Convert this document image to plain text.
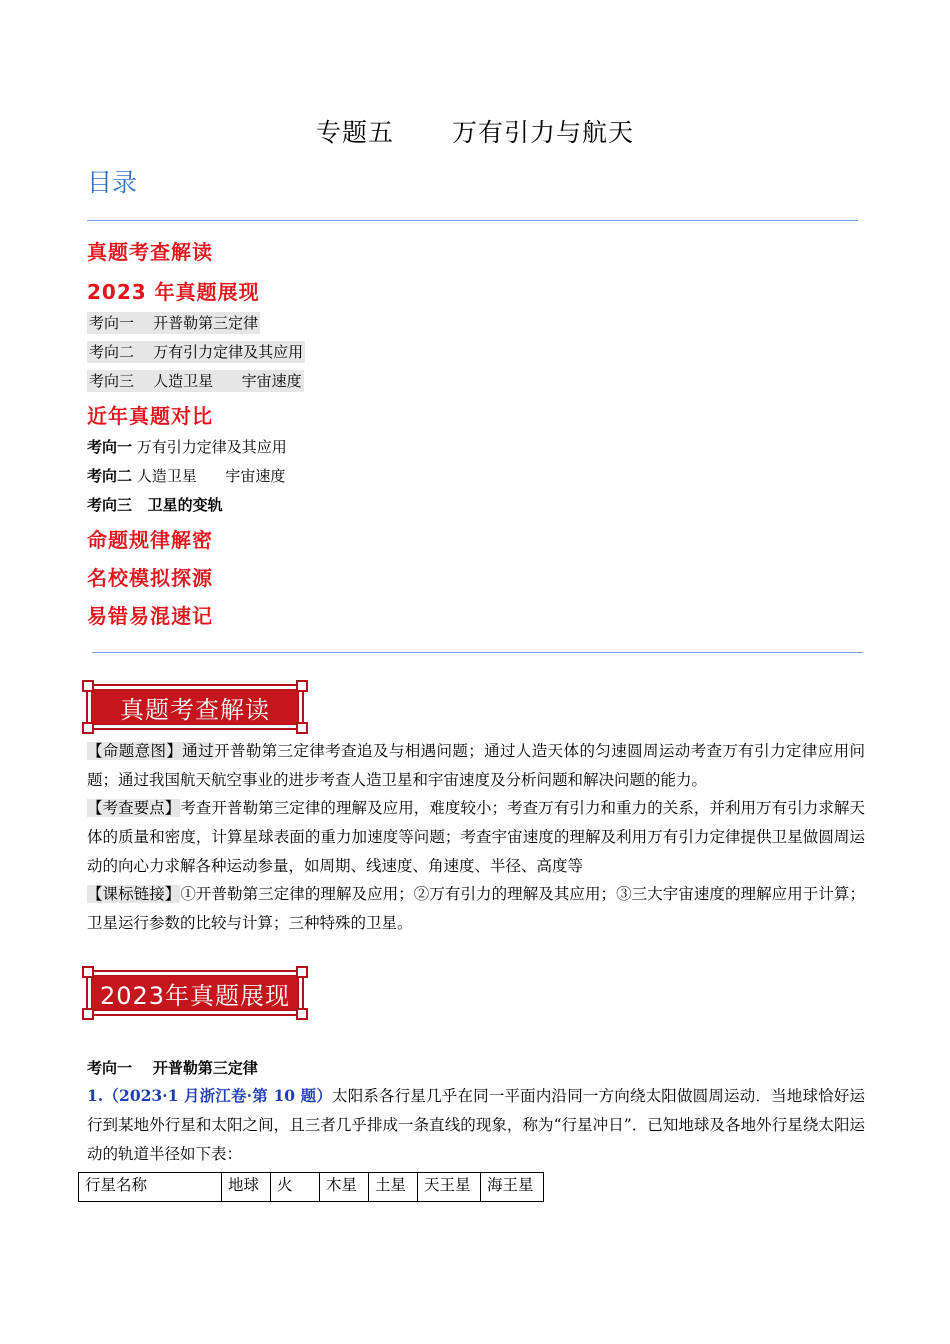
专题五 万有引力与航天
目录
真题考查解读
2023 年真题展现
考向一    开普勒第三定律
考向二    万有引力定律及其应用
考向三    人造卫星      宇宙速度
近年真题对比
考向一 万有引力定律及其应用
考向二 人造卫星      宇宙速度
考向三   卫星的变轨
命题规律解密
名校模拟探源
易错易混速记
真题考查解读
【命题意图】通过开普勒第三定律考查追及与相遇问题；通过人造天体的匀速圆周运动考查万有引力定律应用问题；通过我国航天航空事业的进步考查人造卫星和宇宙速度及分析问题和解决问题的能力。
【考查要点】考查开普勒第三定律的理解及应用，难度较小；考查万有引力和重力的关系，并利用万有引力求解天体的质量和密度，计算星球表面的重力加速度等问题；考查宇宙速度的理解及利用万有引力定律提供卫星做圆周运动的向心力求解各种运动参量，如周期、线速度、角速度、半径、高度等
【课标链接】①开普勒第三定律的理解及应用；②万有引力的理解及其应用；③三大宇宙速度的理解应用于计算；卫星运行参数的比较与计算；三种特殊的卫星。
2023年真题展现
考向一    开普勒第三定律
1.（2023·1 月浙江卷·第 10 题）太阳系各行星几乎在同一平面内沿同一方向绕太阳做圆周运动．当地球恰好运行到某地外行星和太阳之间，且三者几乎排成一条直线的现象，称为“行星冲日”．已知地球及各地外行星绕太阳运动的轨道半径如下表：
行星名称	地球	火	木星	土星	天王星	海王星
